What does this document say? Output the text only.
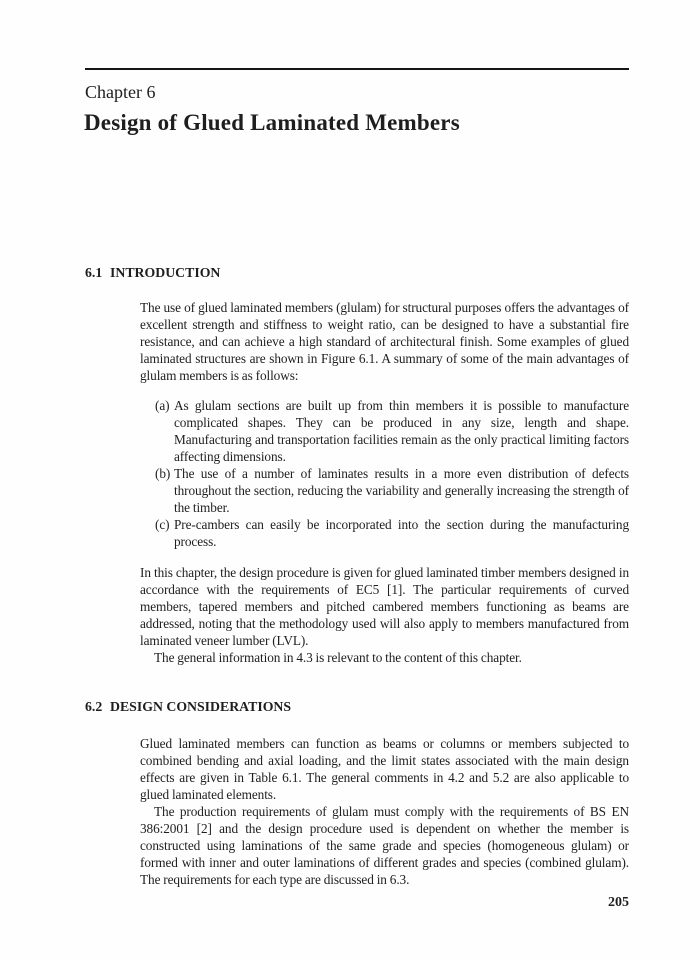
Chapter 6
Design of Glued Laminated Members
6.1 INTRODUCTION

The use of glued laminated members (glulam) for structural purposes offers the advantages of excellent strength and stiffness to weight ratio, can be designed to have a substantial fire resistance, and can achieve a high standard of architectural finish. Some examples of glued laminated structures are shown in Figure 6.1. A summary of some of the main advantages of glulam members is as follows:

(a) As glulam sections are built up from thin members it is possible to manufacture complicated shapes. They can be produced in any size, length and shape. Manufacturing and transportation facilities remain as the only practical limiting factors affecting dimensions.
(b) The use of a number of laminates results in a more even distribution of defects throughout the section, reducing the variability and generally increasing the strength of the timber.
(c) Pre-cambers can easily be incorporated into the section during the manufacturing process.

In this chapter, the design procedure is given for glued laminated timber members designed in accordance with the requirements of EC5 [1]. The particular requirements of curved members, tapered members and pitched cambered members functioning as beams are addressed, noting that the methodology used will also apply to members manufactured from laminated veneer lumber (LVL).

The general information in 4.3 is relevant to the content of this chapter.

6.2 DESIGN CONSIDERATIONS

Glued laminated members can function as beams or columns or members subjected to combined bending and axial loading, and the limit states associated with the main design effects are given in Table 6.1. The general comments in 4.2 and 5.2 are also applicable to glued laminated elements.

The production requirements of glulam must comply with the requirements of BS EN 386:2001 [2] and the design procedure used is dependent on whether the member is constructed using laminations of the same grade and species (homogeneous glulam) or formed with inner and outer laminations of different grades and species (combined glulam). The requirements for each type are discussed in 6.3.

205
